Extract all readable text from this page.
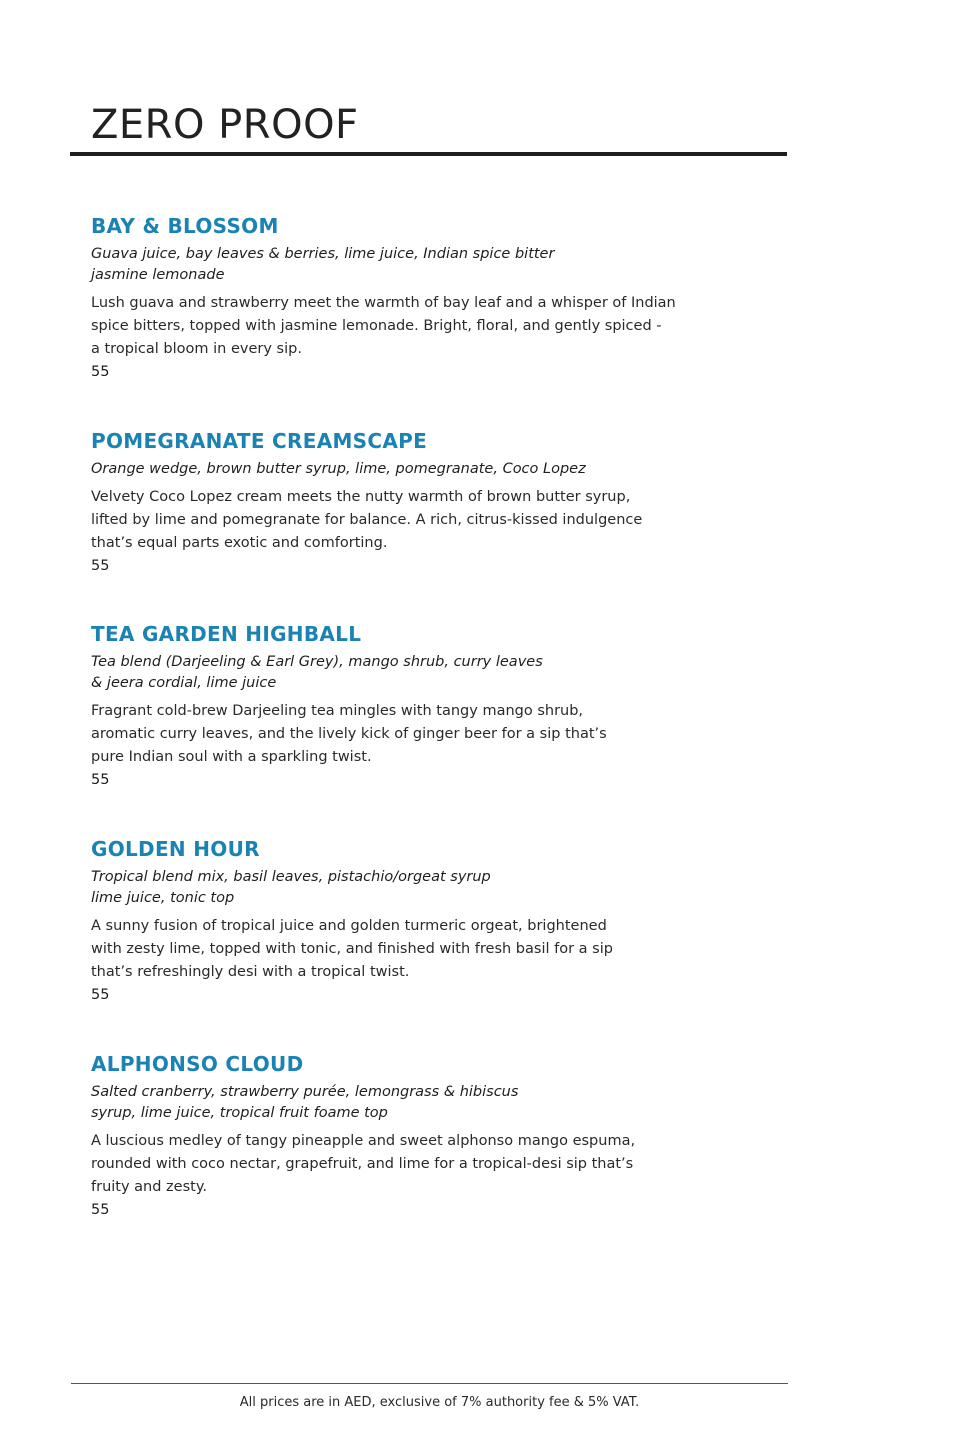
ZERO PROOF
BAY & BLOSSOM

Guava juice, bay leaves & berries, lime juice, Indian spice bitter
jasmine lemonade

Lush guava and strawberry meet the warmth of bay leaf and a whisper of Indian
spice bitters, topped with jasmine lemonade. Bright, floral, and gently spiced -
a tropical bloom in every sip.

55

POMEGRANATE CREAMSCAPE

Orange wedge, brown butter syrup, lime, pomegranate, Coco Lopez

Velvety Coco Lopez cream meets the nutty warmth of brown butter syrup,
lifted by lime and pomegranate for balance. A rich, citrus-kissed indulgence
that’s equal parts exotic and comforting.

55

TEA GARDEN HIGHBALL

Tea blend (Darjeeling & Earl Grey), mango shrub, curry leaves
& jeera cordial, lime juice

Fragrant cold-brew Darjeeling tea mingles with tangy mango shrub,
aromatic curry leaves, and the lively kick of ginger beer for a sip that’s
pure Indian soul with a sparkling twist.

55

GOLDEN HOUR

Tropical blend mix, basil leaves, pistachio/orgeat syrup
lime juice, tonic top

A sunny fusion of tropical juice and golden turmeric orgeat, brightened
with zesty lime, topped with tonic, and finished with fresh basil for a sip
that’s refreshingly desi with a tropical twist.

55

ALPHONSO CLOUD

Salted cranberry, strawberry purée, lemongrass & hibiscus
syrup, lime juice, tropical fruit foame top

A luscious medley of tangy pineapple and sweet alphonso mango espuma,
rounded with coco nectar, grapefruit, and lime for a tropical-desi sip that’s
fruity and zesty.

55

All prices are in AED, exclusive of 7% authority fee & 5% VAT.
